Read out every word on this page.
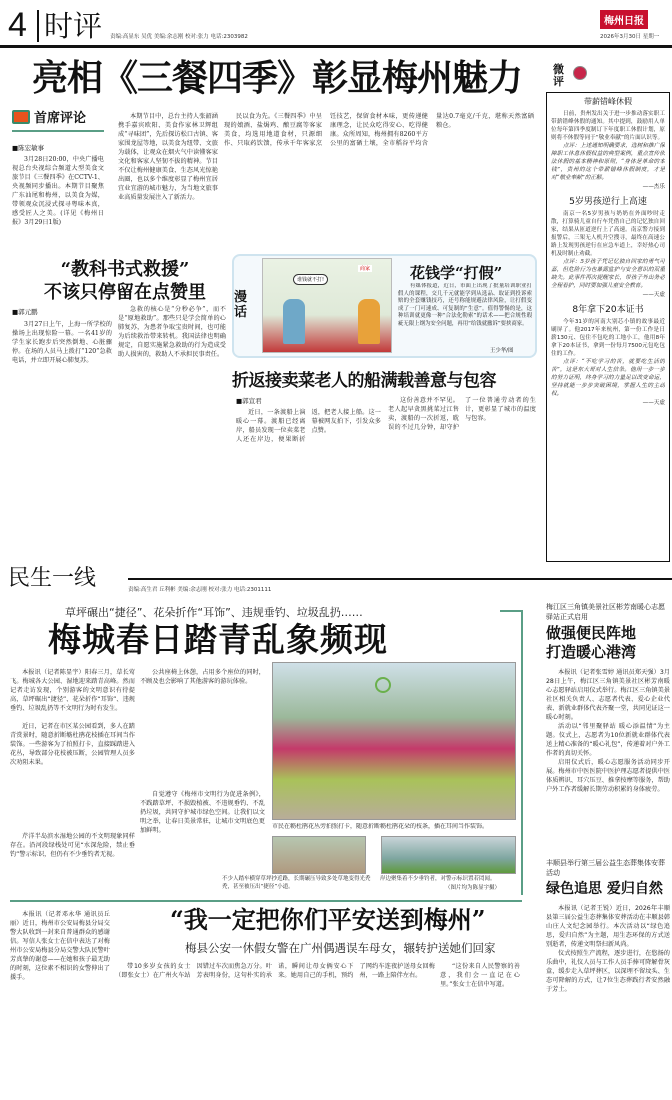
4 时评 责编:高显东 吴优 美编:余志刚 校对:张力 电话:2303982
梅州日报
2026年3月30日 星期一
亮相《三餐四季》彰显梅州魅力
首席评论
■陈宏敏事
3月28日20:00，中央广播电视总台央视综合频道大型美食文旅节目《三餐四季》在CCTV-1、央视频同步播出。本期节目聚焦广东汕尾和梅州，以美食为媒，带领观众沉浸式探寻粤味本真，感受匠人之美。(详见《梅州日报》3月29日1版)
本期节目中，总台主持人张韶涵携手嘉宾欧阳、美食作家林卫辉组成“寻味团”，先后探访松口古镇、客家围龙屋等地，以美食为纽带、文旅为载体，让观众在烟火气中读懂客家文化和客家人坚韧不拔的精神。节目不仅让梅州健康美食、生态风光惊艳出圈，也以多个维度彰显了梅州宜居宜业宜游的城市魅力，为当地文旅事业高质量发展注入了新活力。
民以食为先。《三餐四季》中呈现的娘酒、盐焗鸡、酿豆腐等客家美食，均选用地道食材，只源细作、只取药饮馈，传承千年客家烹饪技艺，保留食材本味，更传递健康理念，让民众吃得安心、吃得健康。众所周知，梅州拥有8260平方公里的富硒土壤，全市稻谷平均含量达0.7毫克/千克，堪称天然富硒粮仓。
“教科书式救援”
不该只停留在点赞里
■郭元鹏
3月27日上午，上海一所学校的操场上出现惊险一幕。一名41岁的学生家长跑步后突然倒地、心脏骤停。在场的人员马上拨打“120”急救电话，并立即开展心肺复苏。
急救的核心是“分秒必争”，而不是“原地救助”。那些只是学会简单的心肺复苏，为患者争取宝贵时间，也可能为后续救治带来转机。我国法律也明确规定，自愿实施紧急救助的行为造成受助人损害的，救助人不承担民事责任。
漫话
谁钱就不打!
商家	花钱学“打假”
有媒体报道，近日，市面上出现了批量培训职业打假人的课程，交几千元就能学到从选品、取证到投诉索赔的全套赚钱技巧，还号称能规避法律风险，让打假变成了一门可速成、可复制的“生意”。值得警惕的是，这种培训就更像一种“合法化勒索”的话术——把合规性瑕疵无限上纲为安全问题，再用“给钱就撤诉”要挟商家。
王少华/图
折返接卖菜老人的船满载善意与包容
■郭宣君
近日，一条渡船上演暖心一幕。渡船已经离岸，船员发现一位卖菜老人还在岸边，便果断折返，把老人接上船。这一幕被网友拍下，引发众多点赞。
这份善意并不罕见。老人起早贪黑挑菜过江售卖，渡船的一次折返，耽误的不过几分钟，却守护了一位普通劳动者的生计，更彰显了城市的温度与包容。
微评
带薪错峰休假
日前，贵州发出关于进一步推动落实职工带薪错峰休假的通知。其中提到，鼓励用人单位每年第四季度制订下年度职工休假计划，原则将不休假等同于“敬业奉献”的片面认识等。
点评：上述通知明确要求，选树和推广保障职工休息休假权益的典型案例，重点宣传依法休假的基本精神和原则，“身体是革命的本钱”，贵州的这个带薪错峰休假制度，才是对“敬业奉献”的正解。
——杰乐
5岁男孩逆行上高速
南京一名5岁男孩与奶奶在外面吵时走散，打算骑儿童自行车凭借自己的记忆独自回家，结果从匝道逆行上了高速。南京警方接到报警后，三架无人机升空搜寻，最终在高速公路上发现男孩逆行在应急车道上，幸好热心司机及时制止劝截。
点评：5岁孩子凭记忆独自回家的勇气可嘉，但危险行为也暴露监护与安全意识的双重缺失。此事件再次提醒家长，带孩子外出务必全程看护，同时要加强儿童安全教育。
——天虚
8年拿下20本证书
今年31岁的河南大别芯小镇的故事最近刷屏了。他2017年来杭州，第一份工作是日薪130元、包住不包吃的工地小工，他用8年拿下20本证书，拿到一份每月7500元包吃包住的工作。
点评：“不吃学习的苦，就要吃生活的苦”，这是东大哥对人生信条。他用一步一步的努力证明，终身学习的力量足以改变命运，坚持就能一步步突破困境，掌握人生的主动权。
——天虚
民生一线	责编:高生君 丘利彬 美编:余志刚 校对:张力 电话:2301111
草坪碾出“捷径”、花朵折作“耳饰”、违规垂钓、垃圾乱扔……
梅城春日踏青乱象频现
本报讯（记者陈显宇）阳春三月，草长莺飞。梅城各大公园、湿地迎来踏青高峰。然而记者走访发现，个别游客的文明意识有待提高，草坪碾出“捷径”、花朵折作“耳饰”、违规垂钓、垃圾乱扔等不文明行为时有发生。
近日，记者在市区某公园看到，多人在踏青赏景时，随意折断簕杜鹃花枝插在耳间当作装饰。一些游客为了拍照打卡，直接踩踏进入花丛，导致部分花枝被压断，公园管理人员多次劝阻未果。
芹洋半岛滨水湿地公园的不文明现象同样存在。沿河段绿栈处可见“水深危险，禁止垂钓”警示标识，但仍有不少垂钓者无视。
公共座椅上休憩，占用多个座位的同时，不顾及也会影响了其他游客的游玩体验。
自觉遵守《梅州市文明行为促进条例》，不践踏草坪、不损毁植被、不违规垂钓、不乱扔垃圾，共同守护城市绿色空间。让我们以文明之举，让春日美景常驻，让城市文明底色更加鲜明。
市民在簕杜鹃花丛旁拍照打卡，随意折断簕杜鹃花朵的枝条，插在耳间当作装饰。
不少人踏车横穿草坪抄近路，长期碾压导致多处草地变得光秃秃，甚至被压出“捷径”小道。
岸边聚集着不少垂钓者，对警示标识置若罔闻。
（图片均为陈显宇摄）
“我一定把你们平安送到梅州”
梅县公安一休假女警在广州偶遇误车母女，辗转护送她们回家
本报讯（记者邓永华 通讯员丘丽）近日，梅州市公安局梅县分局交警大队收到一封来自普通群众的感谢信。写信人张女士在信中表达了对梅州市公安局梅县分局交警大队民警叶芳真挚的谢意——在她和孩子最无助的时刻，这位素不相识的女警伸出了援手。
带10多岁女孩的女士（即张女士）在广州火车站因错过车次而焦急万分。叶芳表明身份，这句朴实的承诺，瞬间让母女俩安心下来。她用自己的手机，预约了网约车连夜护送母女回梅州，一路上陪伴左右。
“这份来自人民警察的善意，我们会一直记在心里。”张女士在信中写道。
梅江区三角镇美景社区彬芳南暖心志愿驿站正式启用
做强便民阵地
打造暖心港湾
本报讯（记者张雪婷 通讯员郑天强）3月28日上午，梅江区三角镇美景社区彬芳南暖心志愿驿站启用仪式举行。梅江区三角镇美景社区相关负责人、志愿者代表、爱心企业代表、新就业群体代表齐聚一堂，共同见证这一暖心时刻。
活动以“邻里聚驿站 暖心添温情”为主题。仪式上，志愿者为10位新就业群体代表送上精心准备的“暖心礼包”，传递着对户外工作者的真切关怀。
启用仪式后，暖心志愿服务活动同步开展。梅州市中医医院中医护理志愿者提供中医体质辨识、耳穴压豆、推拿按摩等服务，帮助户外工作者缓解长期劳动积累的身体疲劳。
丰顺县举行第三届公益生态葬集体安葬活动
绿色追思 爱归自然
本报讯（记者王锐）近日，2026年丰顺县第三届公益生态葬集体安葬活动在丰顺县韩山庄人文纪念园举行。本次活动以“绿色追思，爱归自然”为主题，用生态环保的方式送别逝者，传递文明祭扫新风尚。
仪式按照生产流程，逐步进行，在悠扬的乐曲中，礼仪人员与工作人员手捧可降解骨灰盒，缓步走入草坪葬区，以深埋不留坟头、生态可降解的方式，让7位生态葬践行者安然融于芳土。
